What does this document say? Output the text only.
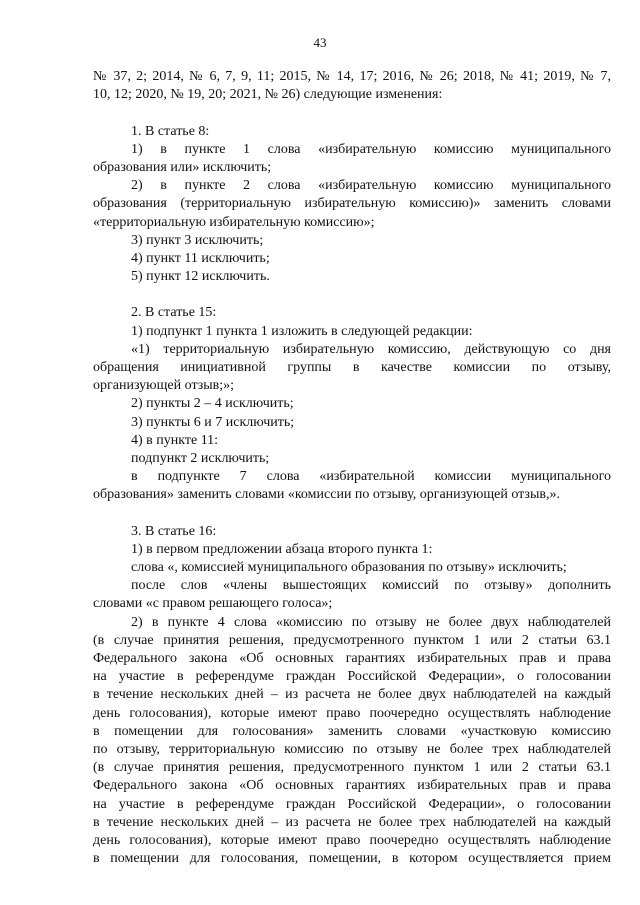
43
№ 37, 2; 2014, № 6, 7, 9, 11; 2015, № 14, 17; 2016, № 26; 2018, № 41; 2019, № 7,
10, 12; 2020, № 19, 20; 2021, № 26) следующие изменения:
1. В статье 8:
1) в пункте 1 слова «избирательную комиссию муниципального
образования или» исключить;
2) в пункте 2 слова «избирательную комиссию муниципального
образования (территориальную избирательную комиссию)» заменить словами
«территориальную избирательную комиссию»;
3) пункт 3 исключить;
4) пункт 11 исключить;
5) пункт 12 исключить.
2. В статье 15:
1) подпункт 1 пункта 1 изложить в следующей редакции:
«1) территориальную избирательную комиссию, действующую со дня
обращения инициативной группы в качестве комиссии по отзыву,
организующей отзыв;»;
2) пункты 2 – 4 исключить;
3) пункты 6 и 7 исключить;
4) в пункте 11:
подпункт 2 исключить;
в подпункте 7 слова «избирательной комиссии муниципального
образования» заменить словами «комиссии по отзыву, организующей отзыв,».
3. В статье 16:
1) в первом предложении абзаца второго пункта 1:
слова «, комиссией муниципального образования по отзыву» исключить;
после слов «члены вышестоящих комиссий по отзыву» дополнить
словами «с правом решающего голоса»;
2) в пункте 4 слова «комиссию по отзыву не более двух наблюдателей
(в случае принятия решения, предусмотренного пунктом 1 или 2 статьи 63.1
Федерального закона «Об основных гарантиях избирательных прав и права
на участие в референдуме граждан Российской Федерации», о голосовании
в течение нескольких дней – из расчета не более двух наблюдателей на каждый
день голосования), которые имеют право поочередно осуществлять наблюдение
в помещении для голосования» заменить словами «участковую комиссию
по отзыву, территориальную комиссию по отзыву не более трех наблюдателей
(в случае принятия решения, предусмотренного пунктом 1 или 2 статьи 63.1
Федерального закона «Об основных гарантиях избирательных прав и права
на участие в референдуме граждан Российской Федерации», о голосовании
в течение нескольких дней – из расчета не более трех наблюдателей на каждый
день голосования), которые имеют право поочередно осуществлять наблюдение
в помещении для голосования, помещении, в котором осуществляется прием
